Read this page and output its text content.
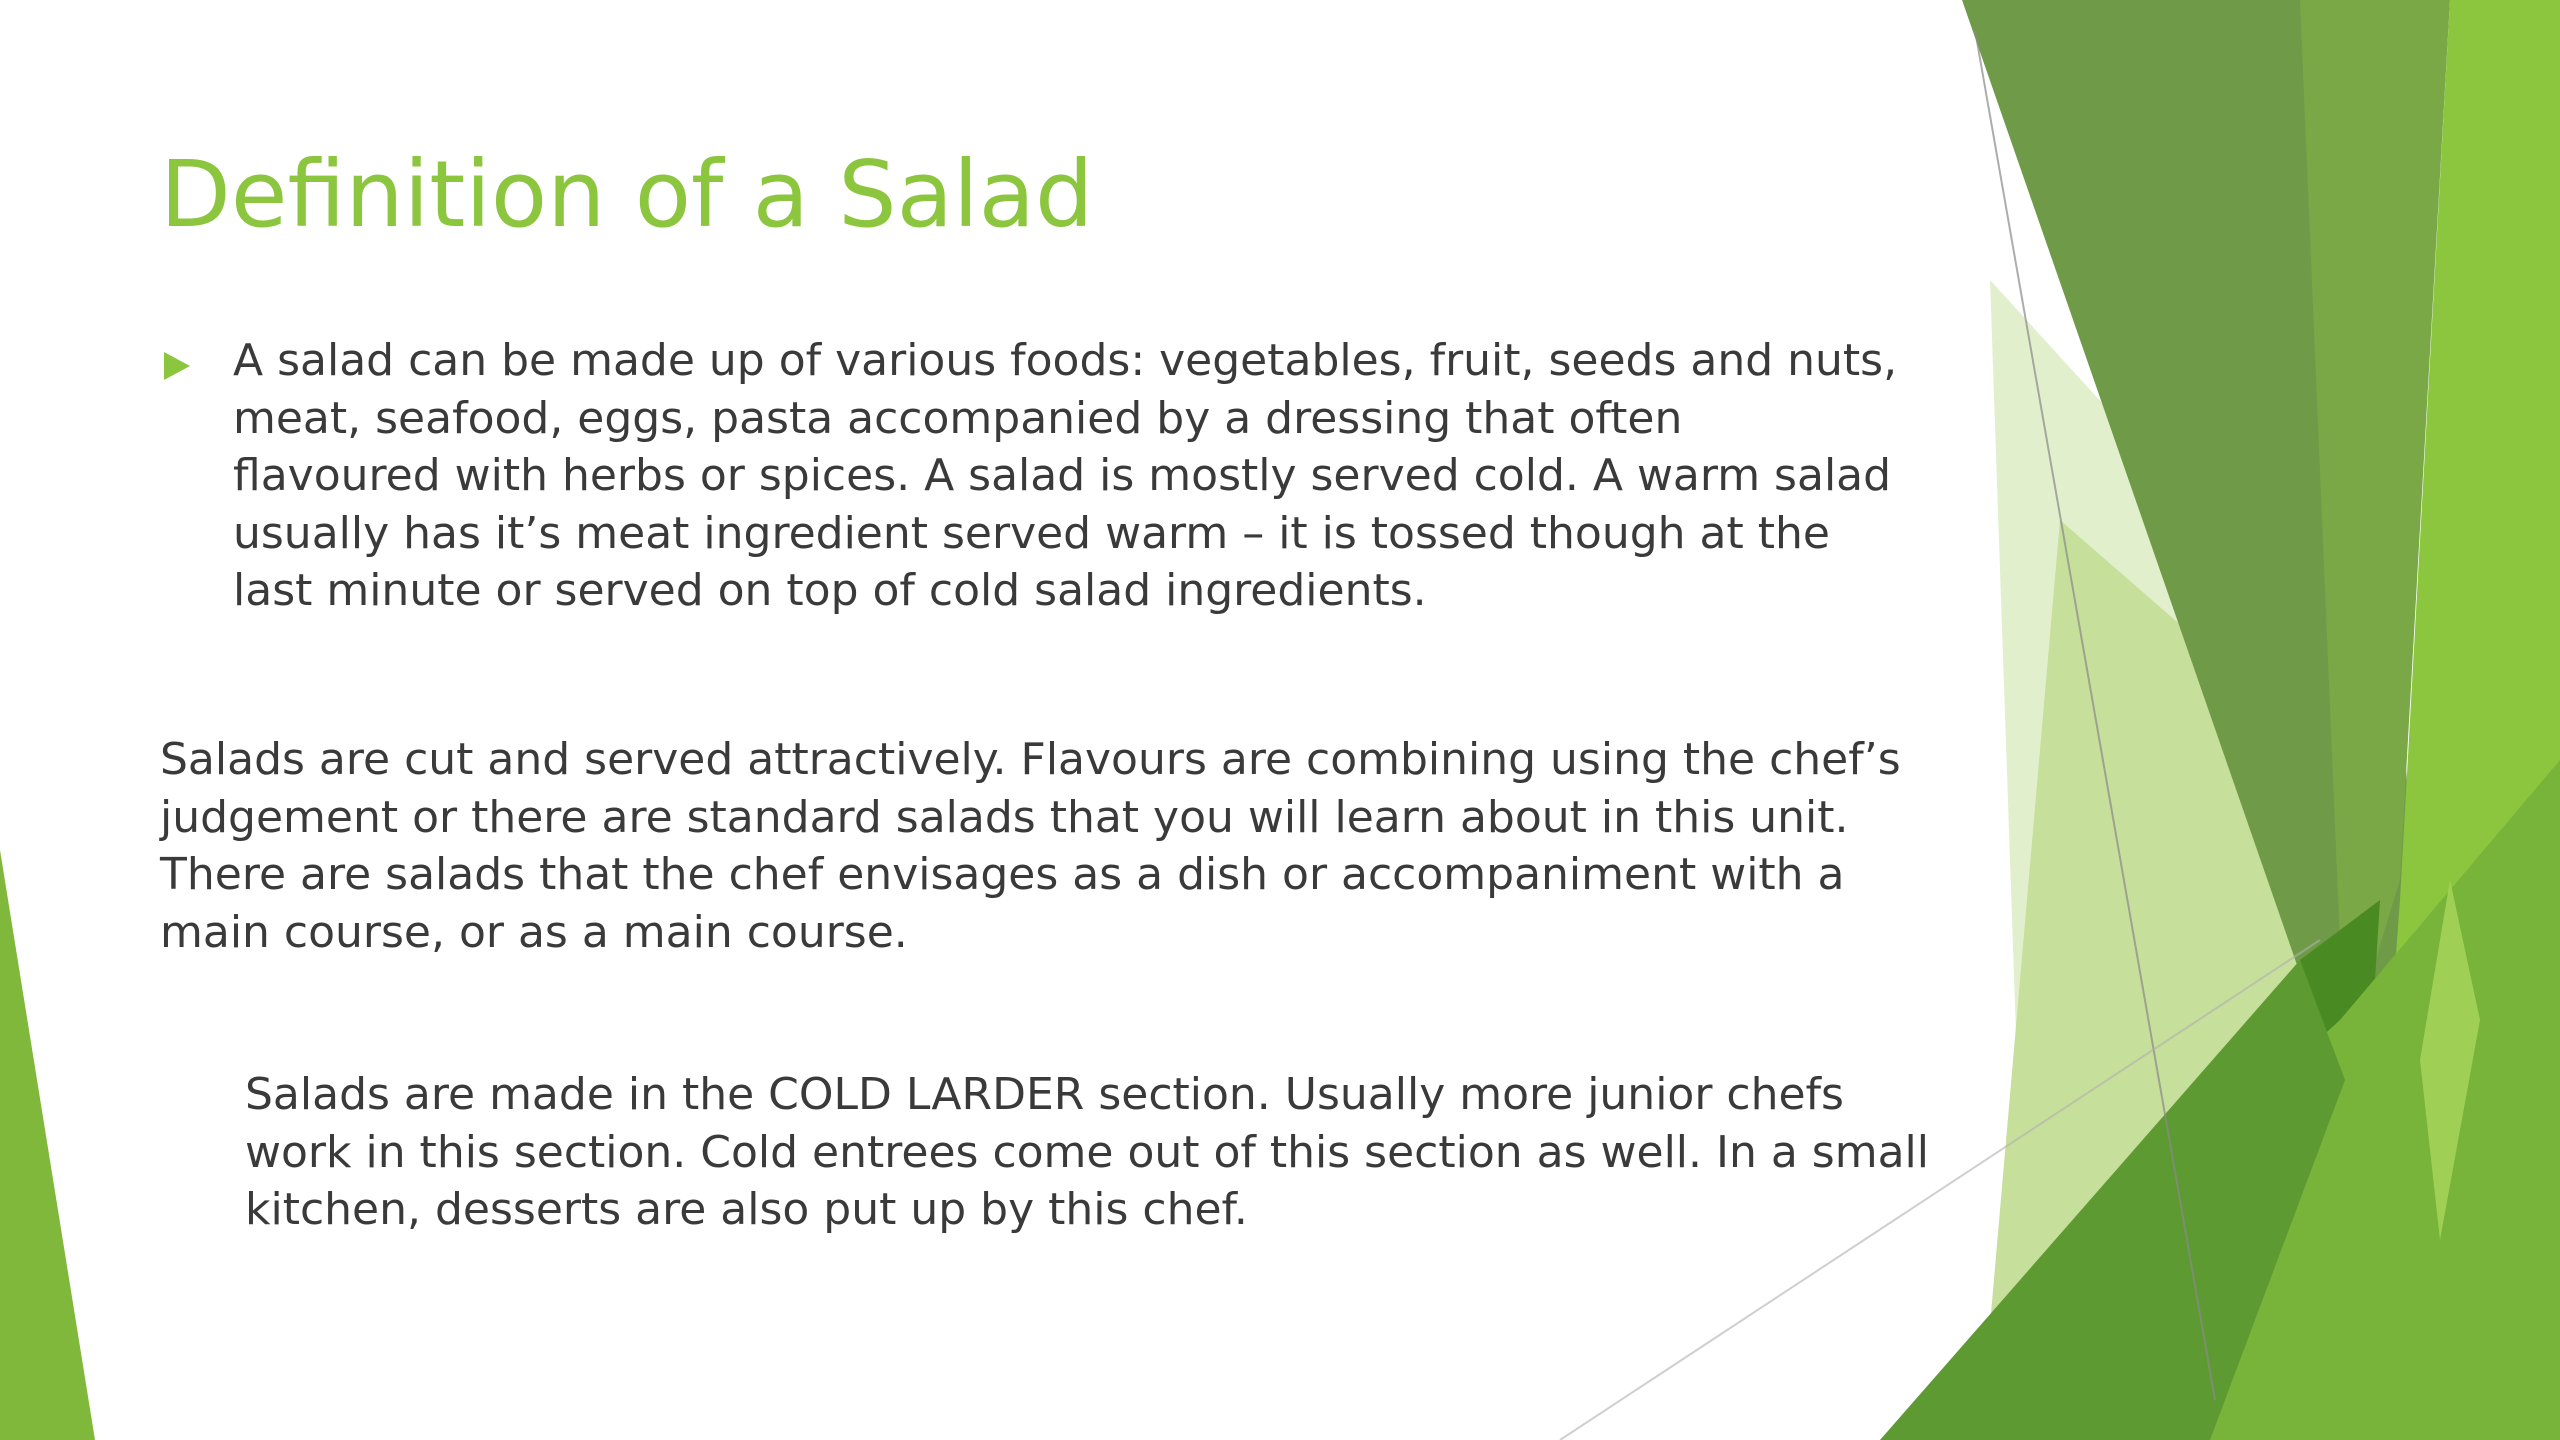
Definition of a Salad

A salad can be made up of various foods: vegetables, fruit, seeds and nuts, meat, seafood, eggs, pasta accompanied by a dressing that often flavoured with herbs or spices. A salad is mostly served cold. A warm salad usually has it’s meat ingredient served warm – it is tossed though at the last minute or served on top of cold salad ingredients.

Salads are cut and served attractively. Flavours are combining using the chef’s judgement or there are standard salads that you will learn about in this unit. There are salads that the chef envisages as a dish or accompaniment with a main course, or as a main course.

Salads are made in the COLD LARDER section. Usually more junior chefs work in this section. Cold entrees come out of this section as well. In a small kitchen, desserts are also put up by this chef.
